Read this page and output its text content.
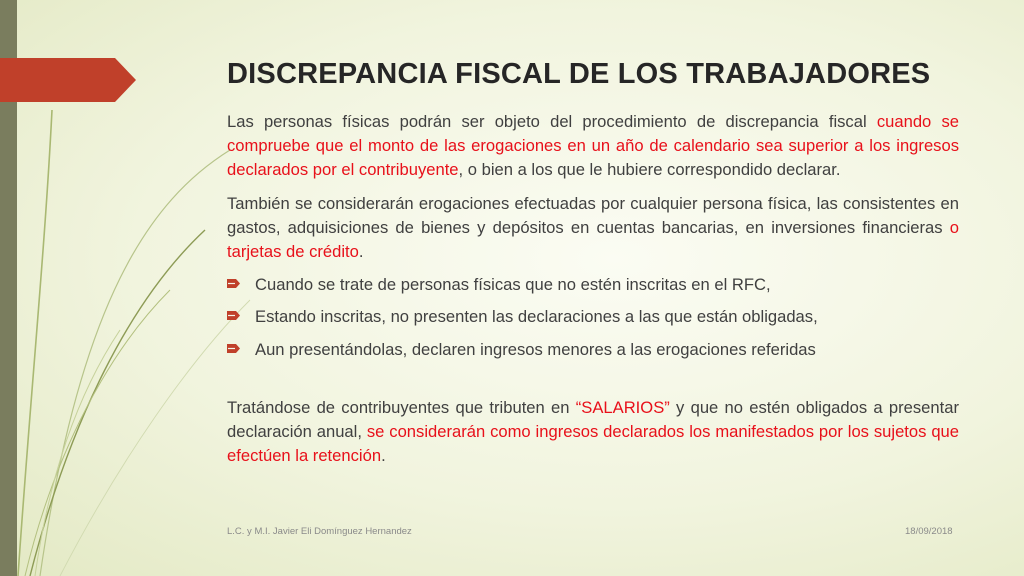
DISCREPANCIA FISCAL DE LOS TRABAJADORES

Las personas físicas podrán ser objeto del procedimiento de discrepancia fiscal cuando se compruebe que el monto de las erogaciones en un año de calendario sea superior a los ingresos declarados por el contribuyente, o bien a los que le hubiere correspondido declarar.

También se considerarán erogaciones efectuadas por cualquier persona física, las consistentes en gastos, adquisiciones de bienes y depósitos en cuentas bancarias, en inversiones financieras o tarjetas de crédito.

Cuando se trate de personas físicas que no estén inscritas en el RFC,
Estando inscritas, no presenten las declaraciones a las que están obligadas,
Aun presentándolas, declaren ingresos menores a las erogaciones referidas

Tratándose de contribuyentes que tributen en “SALARIOS” y que no estén obligados a presentar declaración anual, se considerarán como ingresos declarados los manifestados por los sujetos que efectúen la retención.

L.C. y M.I. Javier Eli Domínguez Hernandez	18/09/2018
